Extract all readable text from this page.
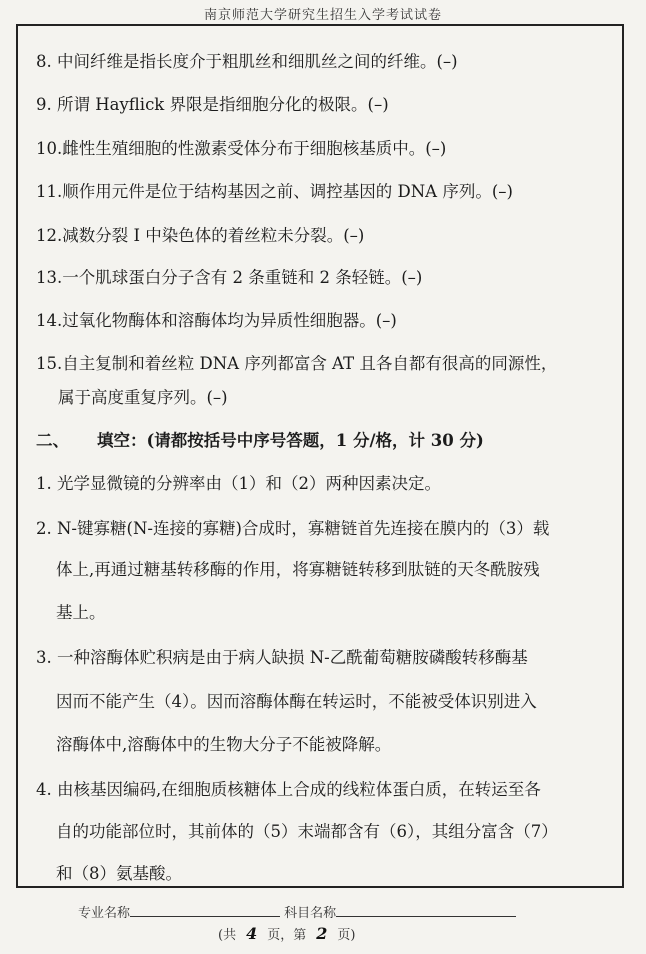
南京师范大学研究生招生入学考试试卷
8. 中间纤维是指长度介于粗肌丝和细肌丝之间的纤维。(–)
9. 所谓 Hayflick 界限是指细胞分化的极限。(–)
10.雌性生殖细胞的性激素受体分布于细胞核基质中。(–)
11.顺作用元件是位于结构基因之前、调控基因的 DNA 序列。(–)
12.减数分裂 I 中染色体的着丝粒未分裂。(–)
13.一个肌球蛋白分子含有 2 条重链和 2 条轻链。(–)
14.过氧化物酶体和溶酶体均为异质性细胞器。(–)
15.自主复制和着丝粒 DNA 序列都富含 AT 且各自都有很高的同源性，
属于高度重复序列。(–)
二、 填空：(请都按括号中序号答题，1 分/格，计 30 分)
1. 光学显微镜的分辨率由（1）和（2）两种因素决定。
2. N-键寡糖(N-连接的寡糖)合成时，寡糖链首先连接在膜内的（3）载
体上,再通过糖基转移酶的作用，将寡糖链转移到肽链的天冬酰胺残
基上。
3. 一种溶酶体贮积病是由于病人缺损 N-乙酰葡萄糖胺磷酸转移酶基
因而不能产生（4）。因而溶酶体酶在转运时，不能被受体识别进入
溶酶体中,溶酶体中的生物大分子不能被降解。
4. 由核基因编码,在细胞质核糖体上合成的线粒体蛋白质，在转运至各
自的功能部位时，其前体的（5）末端都含有（6），其组分富含（7）
和（8）氨基酸。
专业名称	科目名称
(共 4 页，第 2 页)
